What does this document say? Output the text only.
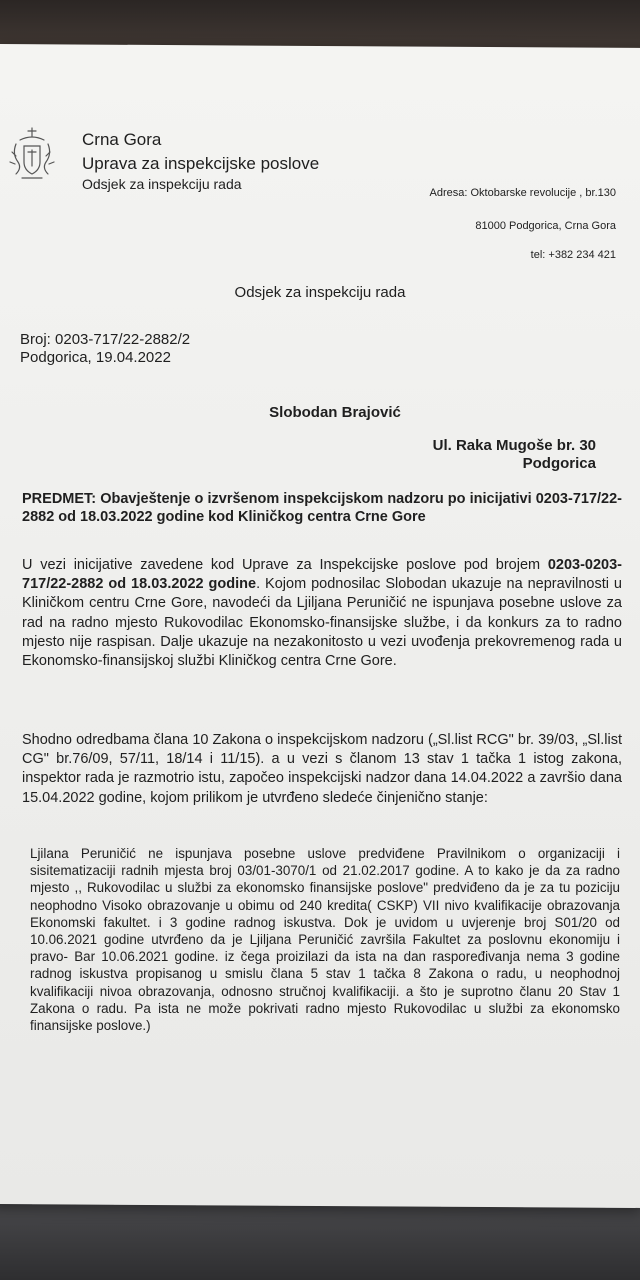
Crna Gora
Uprava za inspekcijske poslove
Odsjek za inspekciju rada
Adresa: Oktobarske revolucije , br.130
81000 Podgorica, Crna Gora
tel: +382 234 421
Odsjek za inspekciju rada
Broj: 0203-717/22-2882/2
Podgorica, 19.04.2022
Slobodan Brajović
Ul. Raka Mugoše br. 30
Podgorica
PREDMET: Obavještenje o izvršenom inspekcijskom nadzoru po inicijativi 0203-717/22-2882 od 18.03.2022 godine kod Kliničkog centra Crne Gore
U vezi inicijative zavedene kod Uprave za Inspekcijske poslove pod brojem 0203-0203-717/22-2882 od 18.03.2022 godine. Kojom podnosilac Slobodan ukazuje na nepravilnosti u Kliničkom centru Crne Gore, navodeći da Ljiljana Peruničić ne ispunjava posebne uslove za rad na radno mjesto Rukovodilac Ekonomsko-finansijske službe, i da konkurs za to radno mjesto nije raspisan. Dalje ukazuje na nezakonitosto u vezi uvođenja prekovremenog rada u Ekonomsko-finansijskoj službi Kliničkog centra Crne Gore.
Shodno odredbama člana 10 Zakona o inspekcijskom nadzoru („Sl.list RCG" br. 39/03, „Sl.list CG" br.76/09, 57/11, 18/14 i 11/15). a u vezi s članom 13 stav 1 tačka 1 istog zakona, inspektor rada je razmotrio istu, započeo inspekcijski nadzor dana 14.04.2022 a završio dana 15.04.2022 godine, kojom prilikom je utvrđeno sledeće činjenično stanje:
Ljilana Peruničić ne ispunjava posebne uslove predviđene Pravilnikom o organizaciji i sisitematizaciji radnih mjesta broj 03/01-3070/1 od 21.02.2017 godine. A to kako je da za radno mjesto ,, Rukovodilac u službi za ekonomsko finansijske poslove" predviđeno da je za tu poziciju neophodno Visoko obrazovanje u obimu od 240 kredita( CSKP) VII nivo kvalifikacije obrazovanja Ekonomski fakultet. i 3 godine radnog iskustva. Dok je uvidom u uvjerenje broj S01/20 od 10.06.2021 godine utvrđeno da je Ljiljana Peruničić završila Fakultet za poslovnu ekonomiju i pravo- Bar 10.06.2021 godine. iz čega proizilazi da ista na dan raspoređivanja nema 3 godine radnog iskustva propisanog u smislu člana 5 stav 1 tačka 8 Zakona o radu, u neophodnoj kvalifikaciji nivoa obrazovanja, odnosno stručnoj kvalifikaciji. a što je suprotno članu 20 Stav 1 Zakona o radu. Pa ista ne može pokrivati radno mjesto Rukovodilac u službi za ekonomsko finansijske poslove.)
